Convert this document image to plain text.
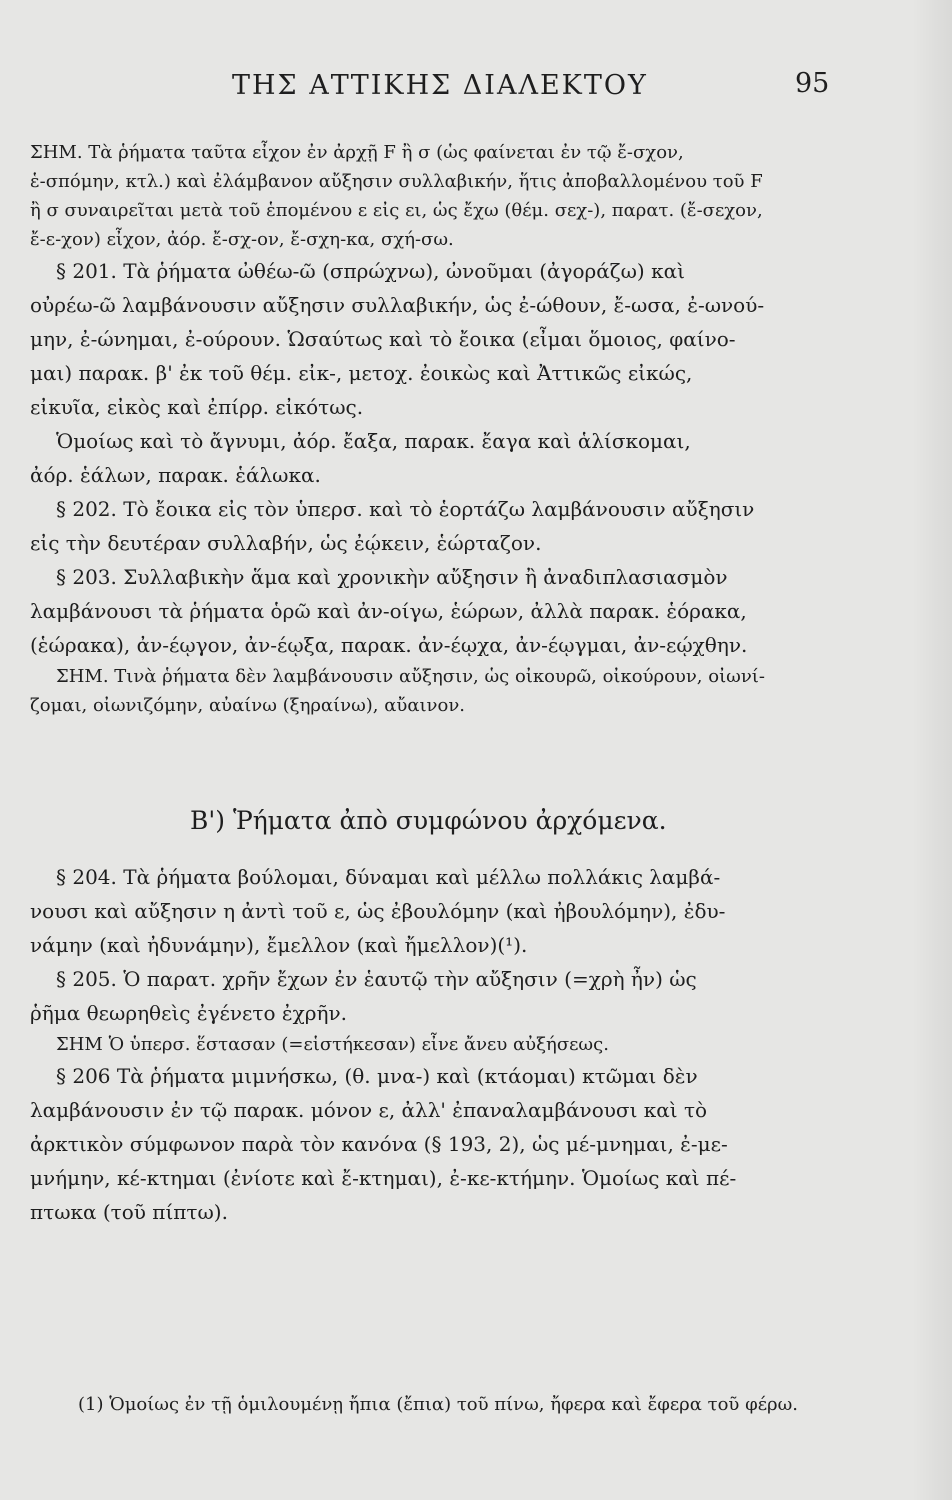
ΤΗΣ ΑΤΤΙΚΗΣ ΔΙΑΛΕΚΤΟΥ	95
ΣΗΜ. Τὰ ῥήματα ταῦτα εἶχον ἐν ἀρχῇ F ἢ σ (ὡς φαίνεται ἐν τῷ ἔ-σχον,
ἑ-σπόμην, κτλ.) καὶ ἐλάμβανον αὔξησιν συλλαβικήν, ἥτις ἀποβαλλομένου τοῦ F
ἢ σ συναιρεῖται μετὰ τοῦ ἑπομένου ε εἰς ει, ὡς ἔχω (θέμ. σεχ-), παρατ. (ἔ-σεχον,
ἔ-ε-χον) εἶχον, ἀόρ. ἔ-σχ-ον, ἔ-σχη-κα, σχή-σω.
§ 201. Τὰ ῥήματα ὠθέω-ῶ (σπρώχνω), ὠνοῦμαι (ἀγοράζω) καὶ
οὐρέω-ῶ λαμβάνουσιν αὔξησιν συλλαβικήν, ὡς ἐ-ώθουν, ἔ-ωσα, ἐ-ωνού-
μην, ἐ-ώνημαι, ἐ-ούρουν. Ὡσαύτως καὶ τὸ ἔοικα (εἶμαι ὅμοιος, φαίνο-
μαι) παρακ. β' ἐκ τοῦ θέμ. εἰκ-, μετοχ. ἐοικὼς καὶ Ἀττικῶς εἰκώς,
εἰκυῖα, εἰκὸς καὶ ἐπίρρ. εἰκότως.
Ὁμοίως καὶ τὸ ἄγνυμι, ἀόρ. ἔαξα, παρακ. ἔαγα καὶ ἁλίσκομαι,
ἀόρ. ἑάλων, παρακ. ἑάλωκα.
§ 202. Τὸ ἔοικα εἰς τὸν ὑπερσ. καὶ τὸ ἑορτάζω λαμβάνουσιν αὔξησιν
εἰς τὴν δευτέραν συλλαβήν, ὡς ἐῴκειν, ἑώρταζον.
§ 203. Συλλαβικὴν ἅμα καὶ χρονικὴν αὔξησιν ἢ ἀναδιπλασιασμὸν
λαμβάνουσι τὰ ῥήματα ὁρῶ καὶ ἀν-οίγω, ἑώρων, ἀλλὰ παρακ. ἑόρακα,
(ἑώρακα), ἀν-έῳγον, ἀν-έῳξα, παρακ. ἀν-έῳχα, ἀν-έῳγμαι, ἀν-εῴχθην.
ΣΗΜ. Τινὰ ῥήματα δὲν λαμβάνουσιν αὔξησιν, ὡς οἰκουρῶ, οἰκούρουν, οἰωνί-
ζομαι, οἰωνιζόμην, αὐαίνω (ξηραίνω), αὔαινον.
Β') Ῥήματα ἀπὸ συμφώνου ἀρχόμενα.
§ 204. Τὰ ῥήματα βούλομαι, δύναμαι καὶ μέλλω πολλάκις λαμβά-
νουσι καὶ αὔξησιν η ἀντὶ τοῦ ε, ὡς ἐβουλόμην (καὶ ἠβουλόμην), ἐδυ-
νάμην (καὶ ἠδυνάμην), ἔμελλον (καὶ ἤμελλον)(¹).
§ 205. Ὁ παρατ. χρῆν ἔχων ἐν ἑαυτῷ τὴν αὔξησιν (=χρὴ ἦν) ὡς
ῥῆμα θεωρηθεὶς ἐγένετο ἐχρῆν.
ΣΗΜ Ὁ ὑπερσ. ἕστασαν (=εἱστήκεσαν) εἶνε ἄνευ αὐξήσεως.
§ 206 Τὰ ῥήματα μιμνήσκω, (θ. μνα-) καὶ (κτάομαι) κτῶμαι δὲν
λαμβάνουσιν ἐν τῷ παρακ. μόνον ε, ἀλλ' ἐπαναλαμβάνουσι καὶ τὸ
ἀρκτικὸν σύμφωνον παρὰ τὸν κανόνα (§ 193, 2), ὡς μέ-μνημαι, ἐ-με-
μνήμην, κέ-κτημαι (ἐνίοτε καὶ ἔ-κτημαι), ἐ-κε-κτήμην. Ὁμοίως καὶ πέ-
πτωκα (τοῦ πίπτω).
(1) Ὁμοίως ἐν τῇ ὁμιλουμένῃ ἤπια (ἔπια) τοῦ πίνω, ἤφερα καὶ ἔφερα τοῦ φέρω.
